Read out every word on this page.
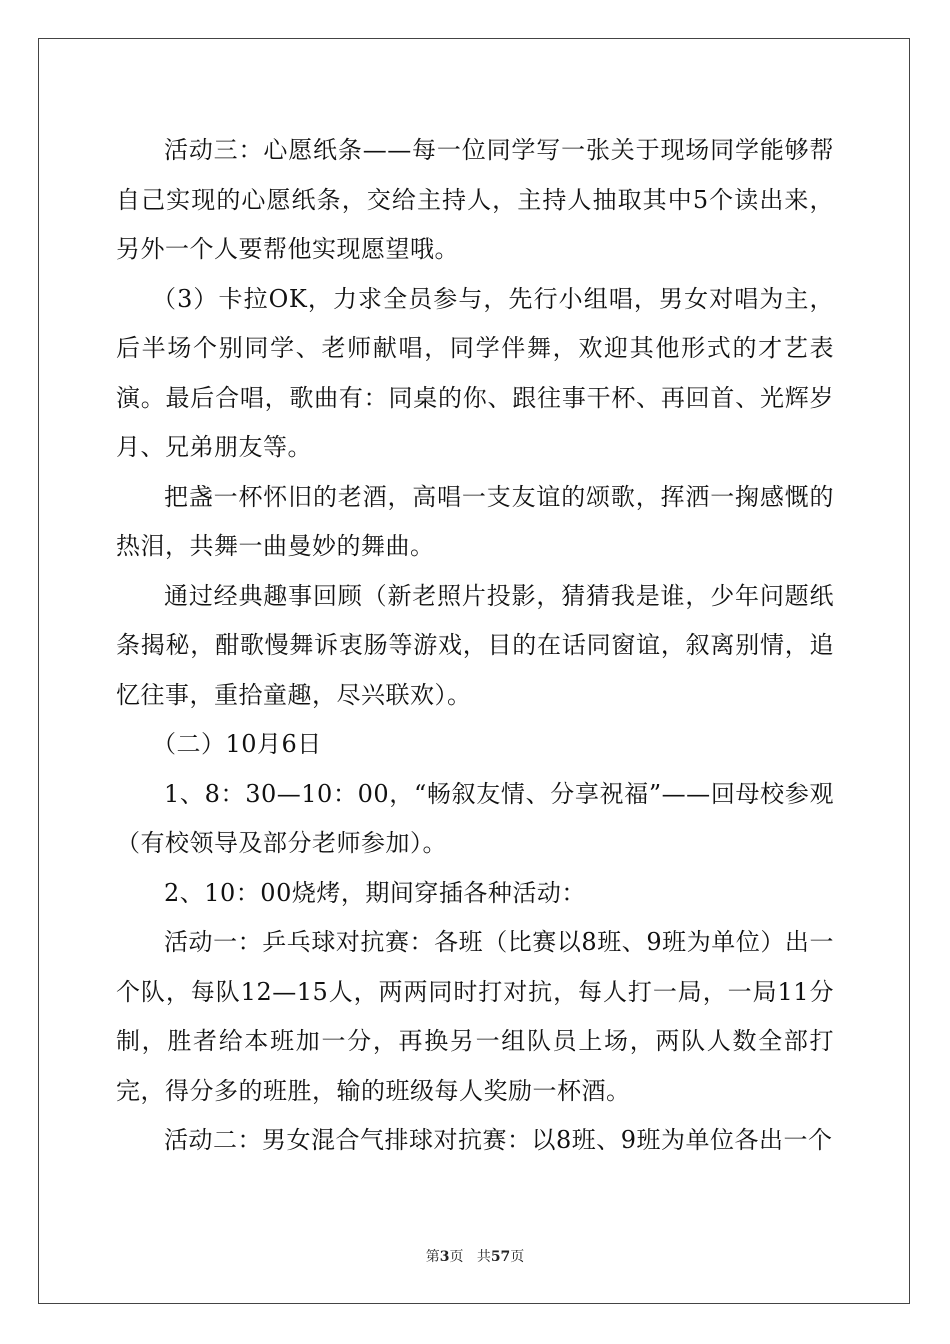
活动三：心愿纸条——每一位同学写一张关于现场同学能够帮自己实现的心愿纸条，交给主持人，主持人抽取其中5个读出来，另外一个人要帮他实现愿望哦。

（3）卡拉OK，力求全员参与，先行小组唱，男女对唱为主，后半场个别同学、老师献唱，同学伴舞，欢迎其他形式的才艺表演。最后合唱，歌曲有：同桌的你、跟往事干杯、再回首、光辉岁月、兄弟朋友等。

把盏一杯怀旧的老酒，高唱一支友谊的颂歌，挥洒一掬感慨的热泪，共舞一曲曼妙的舞曲。

通过经典趣事回顾（新老照片投影，猜猜我是谁，少年问题纸条揭秘，酣歌慢舞诉衷肠等游戏，目的在话同窗谊，叙离别情，追忆往事，重拾童趣，尽兴联欢）。

（二）10月6日

1、8：30—10：00，“畅叙友情、分享祝福”——回母校参观（有校领导及部分老师参加）。

2、10：00烧烤，期间穿插各种活动：

活动一：乒乓球对抗赛：各班（比赛以8班、9班为单位）出一个队，每队12—15人，两两同时打对抗，每人打一局，一局11分制，胜者给本班加一分，再换另一组队员上场，两队人数全部打完，得分多的班胜，输的班级每人奖励一杯酒。

活动二：男女混合气排球对抗赛：以8班、9班为单位各出一个

第3页 共57页
